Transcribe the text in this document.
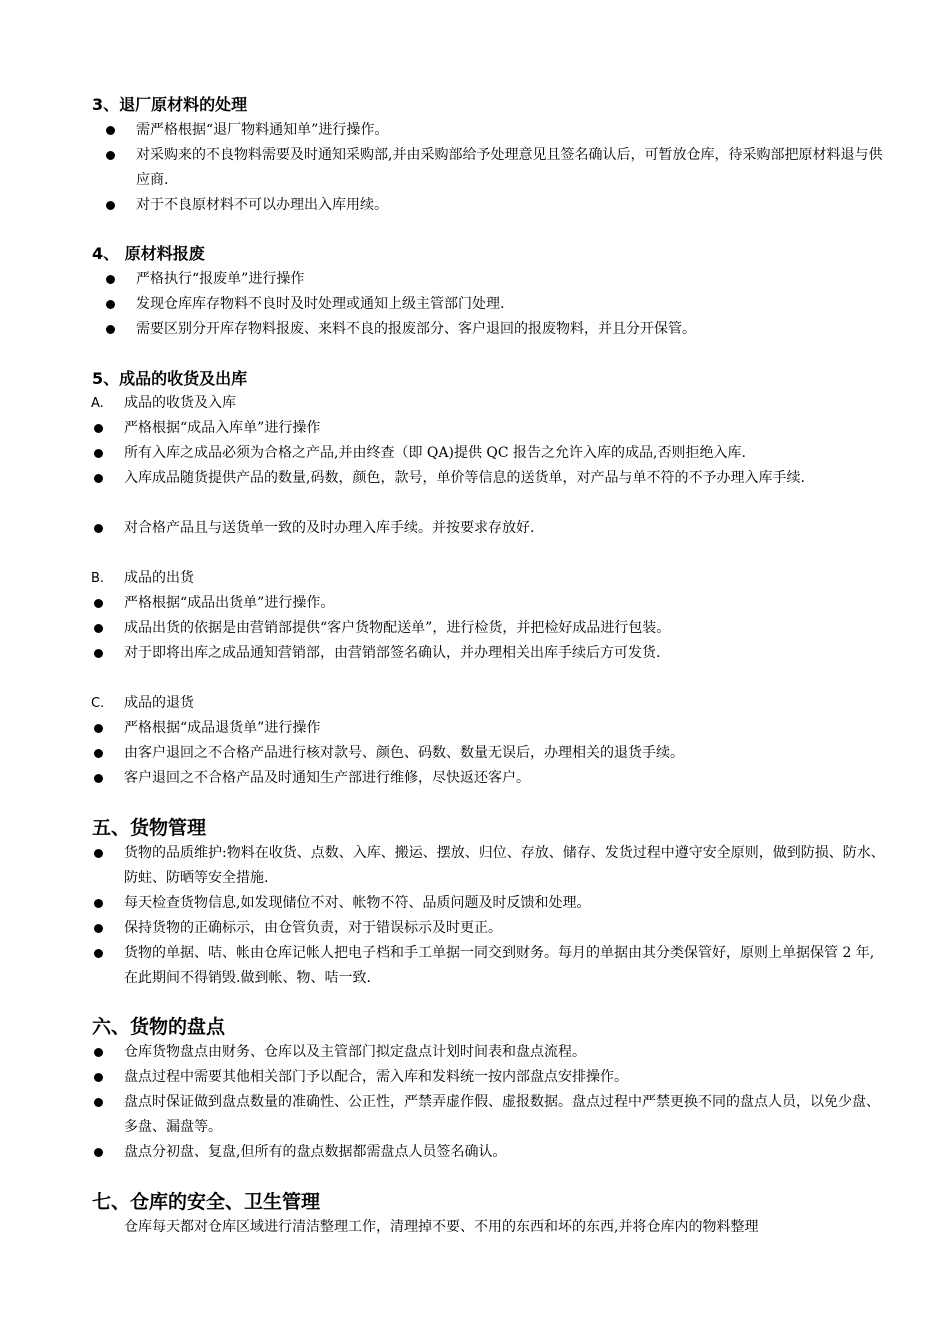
3、退厂原材料的处理
需严格根据“退厂物料通知单”进行操作。
对采购来的不良物料需要及时通知采购部,并由采购部给予处理意见且签名确认后，可暂放仓库，待采购部把原材料退与供应商.
对于不良原材料不可以办理出入库用续。
4、 原材料报废
严格执行“报废单”进行操作
发现仓库库存物料不良时及时处理或通知上级主管部门处理.
需要区别分开库存物料报废、来料不良的报废部分、客户退回的报废物料，并且分开保管。
5、成品的收货及出库
A. 成品的收货及入库
严格根据“成品入库单”进行操作
所有入库之成品必须为合格之产品,并由终查（即 QA)提供 QC 报告之允许入库的成品,否则拒绝入库.
入库成品随货提供产品的数量,码数，颜色，款号，单价等信息的送货单，对产品与单不符的不予办理入库手续.
对合格产品且与送货单一致的及时办理入库手续。并按要求存放好.
B. 成品的出货
严格根据“成品出货单”进行操作。
成品出货的依据是由营销部提供“客户货物配送单”，进行检货，并把检好成品进行包装。
对于即将出库之成品通知营销部，由营销部签名确认，并办理相关出库手续后方可发货.
C. 成品的退货
严格根据“成品退货单”进行操作
由客户退回之不合格产品进行核对款号、颜色、码数、数量无误后，办理相关的退货手续。
客户退回之不合格产品及时通知生产部进行维修，尽快返还客户。
五、货物管理
货物的品质维护:物料在收货、点数、入库、搬运、摆放、归位、存放、储存、发货过程中遵守安全原则，做到防损、防水、防蛀、防晒等安全措施.
每天检查货物信息,如发现储位不对、帐物不符、品质问题及时反馈和处理。
保持货物的正确标示，由仓管负责，对于错误标示及时更正。
货物的单据、咭、帐由仓库记帐人把电子档和手工单据一同交到财务。每月的单据由其分类保管好，原则上单据保管 2 年,在此期间不得销毁.做到帐、物、咭一致.
六、货物的盘点
仓库货物盘点由财务、仓库以及主管部门拟定盘点计划时间表和盘点流程。
盘点过程中需要其他相关部门予以配合，需入库和发料统一按内部盘点安排操作。
盘点时保证做到盘点数量的准确性、公正性，严禁弄虚作假、虚报数据。盘点过程中严禁更换不同的盘点人员，以免少盘、多盘、漏盘等。
盘点分初盘、复盘,但所有的盘点数据都需盘点人员签名确认。
七、仓库的安全、卫生管理
仓库每天都对仓库区域进行清洁整理工作，清理掉不要、不用的东西和坏的东西,并将仓库内的物料整理
